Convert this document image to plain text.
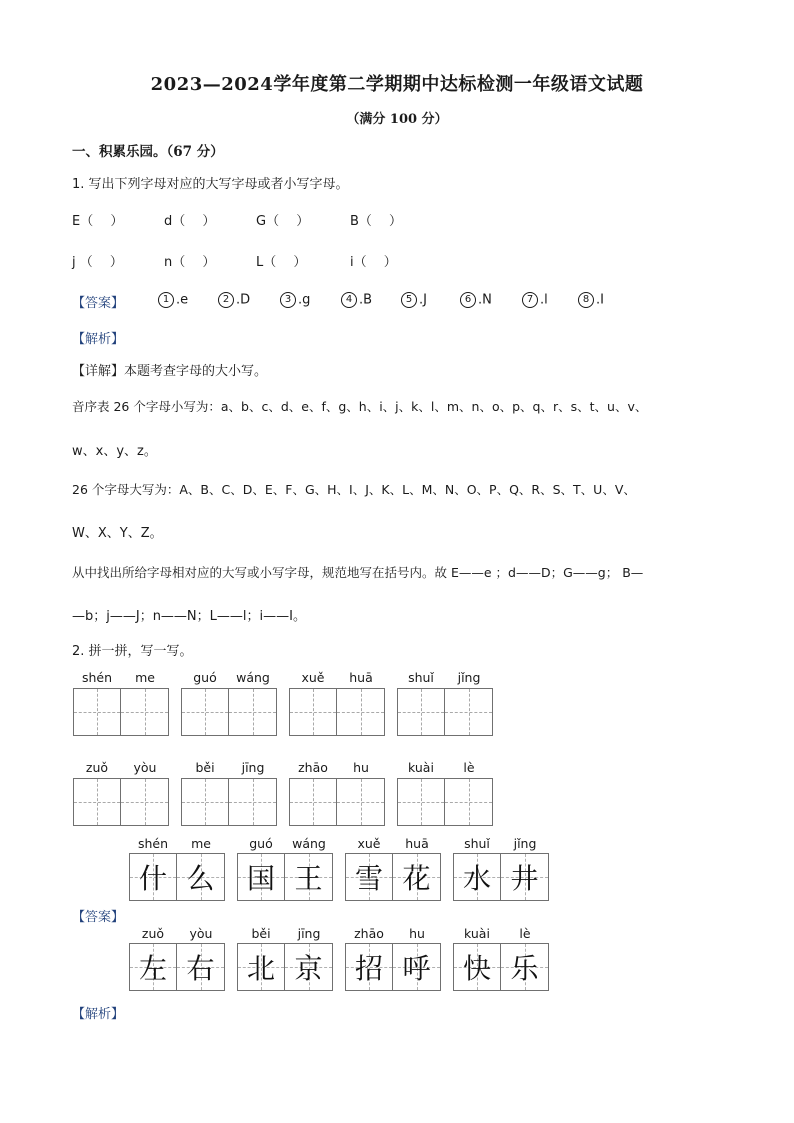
2023—2024学年度第二学期期中达标检测一年级语文试题
（满分 100 分）
一、积累乐园。（67 分）
1. 写出下列字母对应的大写字母或者小写字母。
E（　 ）	d（　 ）	G（　 ）	B（　 ）
j （　 ）	n（　 ）	L（　 ）	i（　 ）
【答案】	1 .e	2 .D	3 .g	4 .B	5 .J	6 .N	7 .l	8 .I
【解析】
【详解】本题考查字母的大小写。
音序表 26 个字母小写为：a、b、c、d、e、f、g、h、i、j、k、l、m、n、o、p、q、r、s、t、u、v、
w、x、y、z。
26 个字母大写为：A、B、C、D、E、F、G、H、I、J、K、L、M、N、O、P、Q、R、S、T、U、V、
W、X、Y、Z。
从中找出所给字母相对应的大写或小写字母，规范地写在括号内。故 E——e ；d——D；G——g； B—
—b；j——J；n——N；L——l；i——I。
2. 拼一拼，写一写。
shén	me	guó	wáng	xuě	huā	shuǐ	jǐng
zuǒ	yòu	běi	jīng	zhāo	hu	kuài	lè
shén	me	guó	wáng	xuě	huā	shuǐ	jǐng
什 么 国 王 雪 花 水 井
【答案】
zuǒ	yòu	běi	jīng	zhāo	hu	kuài	lè
左 右 北 京 招 呼 快 乐
【解析】
